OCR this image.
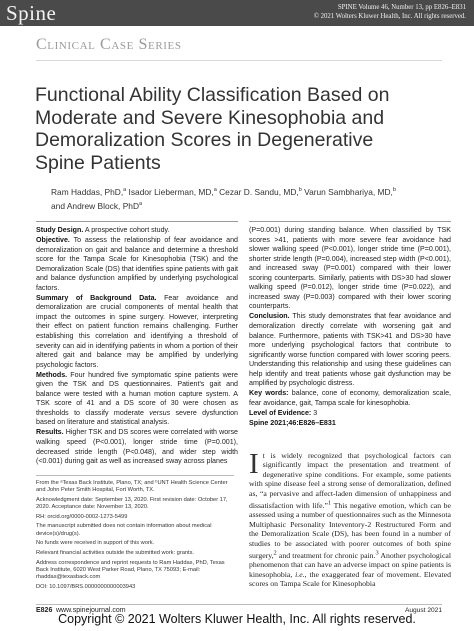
Spine	SPINE Volume 46, Number 13, pp E826–E831
© 2021 Wolters Kluwer Health, Inc. All rights reserved.
Clinical Case Series
Functional Ability Classification Based on Moderate and Severe Kinesophobia and Demoralization Scores in Degenerative Spine Patients
Ram Haddas, PhD,$^a$ Isador Lieberman, MD,$^a$ Cezar D. Sandu, MD,$^b$ Varun Sambhariya, MD,$^b$
and Andrew Block, PhD$^a$

Study Design. A prospective cohort study.

Objective. To assess the relationship of fear avoidance and demoralization on gait and balance and determine a threshold score for the Tampa Scale for Kinesophobia (TSK) and the Demoralization Scale (DS) that identifies spine patients with gait and balance dysfunction amplified by underlying psychological factors.

Summary of Background Data. Fear avoidance and demoralization are crucial components of mental health that impact the outcomes in spine surgery. However, interpreting their effect on patient function remains challenging. Further establishing this correlation and identifying a threshold of severity can aid in identifying patients in whom a portion of their altered gait and balance may be amplified by underlying psychologic factors.

Methods. Four hundred five symptomatic spine patients were given the TSK and DS questionnaires. Patient's gait and balance were tested with a human motion capture system. A TSK score of 41 and a DS score of 30 were chosen as thresholds to classify moderate versus severe dysfunction based on literature and statistical analysis.

Results. Higher TSK and DS scores were correlated with worse walking speed (P<0.001), longer stride time (P=0.001), decreased stride length (P<0.048), and wider step width (<0.001) during gait as well as increased sway across planes

(P=0.001) during standing balance. When classified by TSK scores >41, patients with more severe fear avoidance had slower walking speed (P<0.001), longer stride time (P=0.001), shorter stride length (P=0.004), increased step width (P<0.001), and increased sway (P=0.001) compared with their lower scoring counterparts. Similarly, patients with DS>30 had slower walking speed (P=0.012), longer stride time (P=0.022), and increased sway (P=0.003) compared with their lower scoring counterparts.

Conclusion. This study demonstrates that fear avoidance and demoralization directly correlate with worsening gait and balance. Furthermore, patients with TSK>41 and DS>30 have more underlying psychological factors that contribute to significantly worse function compared with lower scoring peers. Understanding this relationship and using these guidelines can help identify and treat patients whose gait dysfunction may be amplified by psychologic distress.

Key words: balance, cone of economy, demoralization scale, fear avoidance, gait, Tampa scale for kinesophobia.

Level of Evidence: 3

Spine 2021;46:E826–E831

From the ᵃTexas Back Institute, Plano, TX; and ᵇUNT Health Science Center and John Peter Smith Hospital, Fort Worth, TX.

Acknowledgment date: September 13, 2020. First revision date: October 17, 2020. Acceptance date: November 13, 2020.

RH: orcid.org/0000-0002-1273-5499

The manuscript submitted does not contain information about medical device(s)/drug(s).

No funds were received in support of this work.

Relevant financial activities outside the submitted work: grants.

Address correspondence and reprint requests to Ram Haddas, PhD, Texas Back Institute, 6020 West Parker Road, Plano, TX 75093; E-mail: rhaddas@texasback.com

DOI: 10.1097/BRS.0000000000003943

I t is widely recognized that psychological factors can significantly impact the presentation and treatment of degenerative spine conditions. For example, some patients with spine disease feel a strong sense of demoralization, defined as, “a pervasive and affect-laden dimension of unhappiness and dissatisfaction with life.”$^1$ This negative emotion, which can be assessed using a number of questionnaires such as the Minnesota Multiphasic Personality Inteventory-2 Restructured Form and the Demoralization Scale (DS), has been found in a number of studies to be associated with poorer outcomes of both spine surgery,$^2$ and treatment for chronic pain.$^3$ Another psychological phenomenon that can have an adverse impact on spine patients is kinesophobia, i.e., the exaggerated fear of movement. Elevated scores on Tampa Scale for Kinesophobia
E826 www.spinejournal.com	August 2021
Copyright © 2021 Wolters Kluwer Health, Inc. All rights reserved.
